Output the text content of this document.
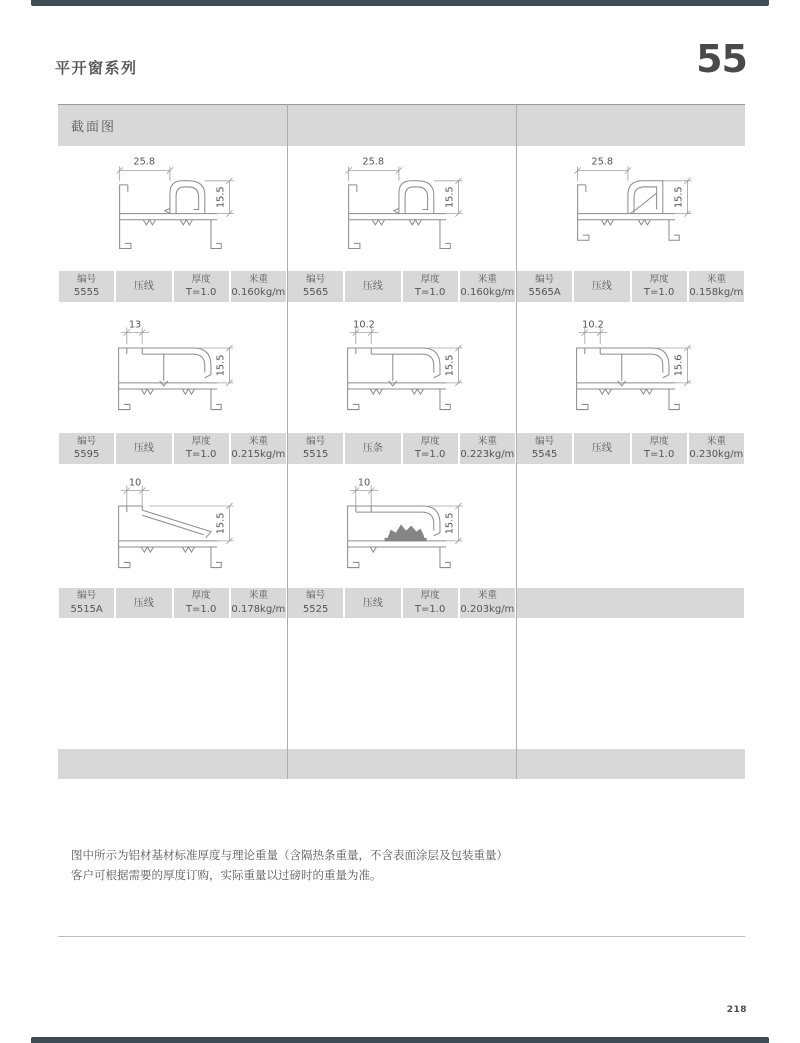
平开窗系列	55
截面图
25.8
15.5
25.8
15.5
25.8
15.5
编号
5555
压线
厚度
T=1.0
米重
0.160kg/m
编号
5565
压线
厚度
T=1.0
米重
0.160kg/m
编号
5565A
压线
厚度
T=1.0
米重
0.158kg/m
13
15.5
10.2
15.5
10.2
15.6
编号
5595
压线
厚度
T=1.0
米重
0.215kg/m
编号
5515
压条
厚度
T=1.0
米重
0.223kg/m
编号
5545
压线
厚度
T=1.0
米重
0.230kg/m
10
15.5
10
15.5
编号
5515A
压线
厚度
T=1.0
米重
0.178kg/m
编号
5525
压线
厚度
T=1.0
米重
0.203kg/m
图中所示为铝材基材标准厚度与理论重量（含隔热条重量，不含表面涂层及包装重量）
客户可根据需要的厚度订购，实际重量以过磅时的重量为准。
218
